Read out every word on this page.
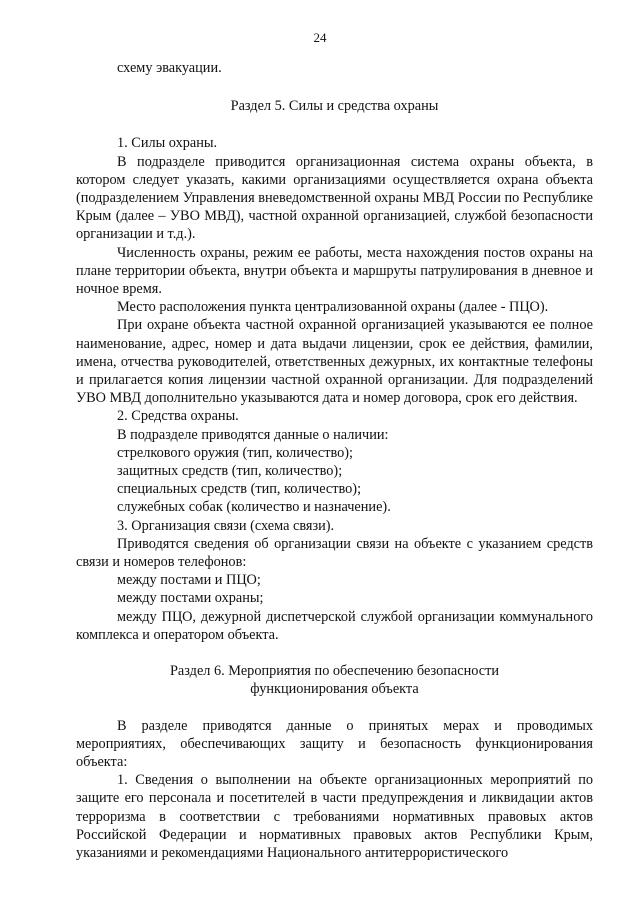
24

схему эвакуации.

Раздел 5. Силы и средства охраны

1. Силы охраны.

В подразделе приводится организационная система охраны объекта, в котором следует указать, какими организациями осуществляется охрана объекта (подразделением Управления вневедомственной охраны МВД России по Республике Крым (далее – УВО МВД), частной охранной организацией, службой безопасности организации и т.д.).

Численность охраны, режим ее работы, места нахождения постов охраны на плане территории объекта, внутри объекта и маршруты патрулирования в дневное и ночное время.

Место расположения пункта централизованной охраны (далее - ПЦО).

При охране объекта частной охранной организацией указываются ее полное наименование, адрес, номер и дата выдачи лицензии, срок ее действия, фамилии, имена, отчества руководителей, ответственных дежурных, их контактные телефоны и прилагается копия лицензии частной охранной организации. Для подразделений УВО МВД дополнительно указываются дата и номер договора, срок его действия.

2. Средства охраны.

В подразделе приводятся данные о наличии:

стрелкового оружия (тип, количество);

защитных средств (тип, количество);

специальных средств (тип, количество);

служебных собак (количество и назначение).

3. Организация связи (схема связи).

Приводятся сведения об организации связи на объекте с указанием средств связи и номеров телефонов:

между постами и ПЦО;

между постами охраны;

между ПЦО, дежурной диспетчерской службой организации коммунального комплекса и оператором объекта.

Раздел 6. Мероприятия по обеспечению безопасности

функционирования объекта

В разделе приводятся данные о принятых мерах и проводимых мероприятиях, обеспечивающих защиту и безопасность функционирования объекта:

1. Сведения о выполнении на объекте организационных мероприятий по защите его персонала и посетителей в части предупреждения и ликвидации актов терроризма в соответствии с требованиями нормативных правовых актов Российской Федерации и нормативных правовых актов Республики Крым, указаниями и рекомендациями Национального антитеррористического
